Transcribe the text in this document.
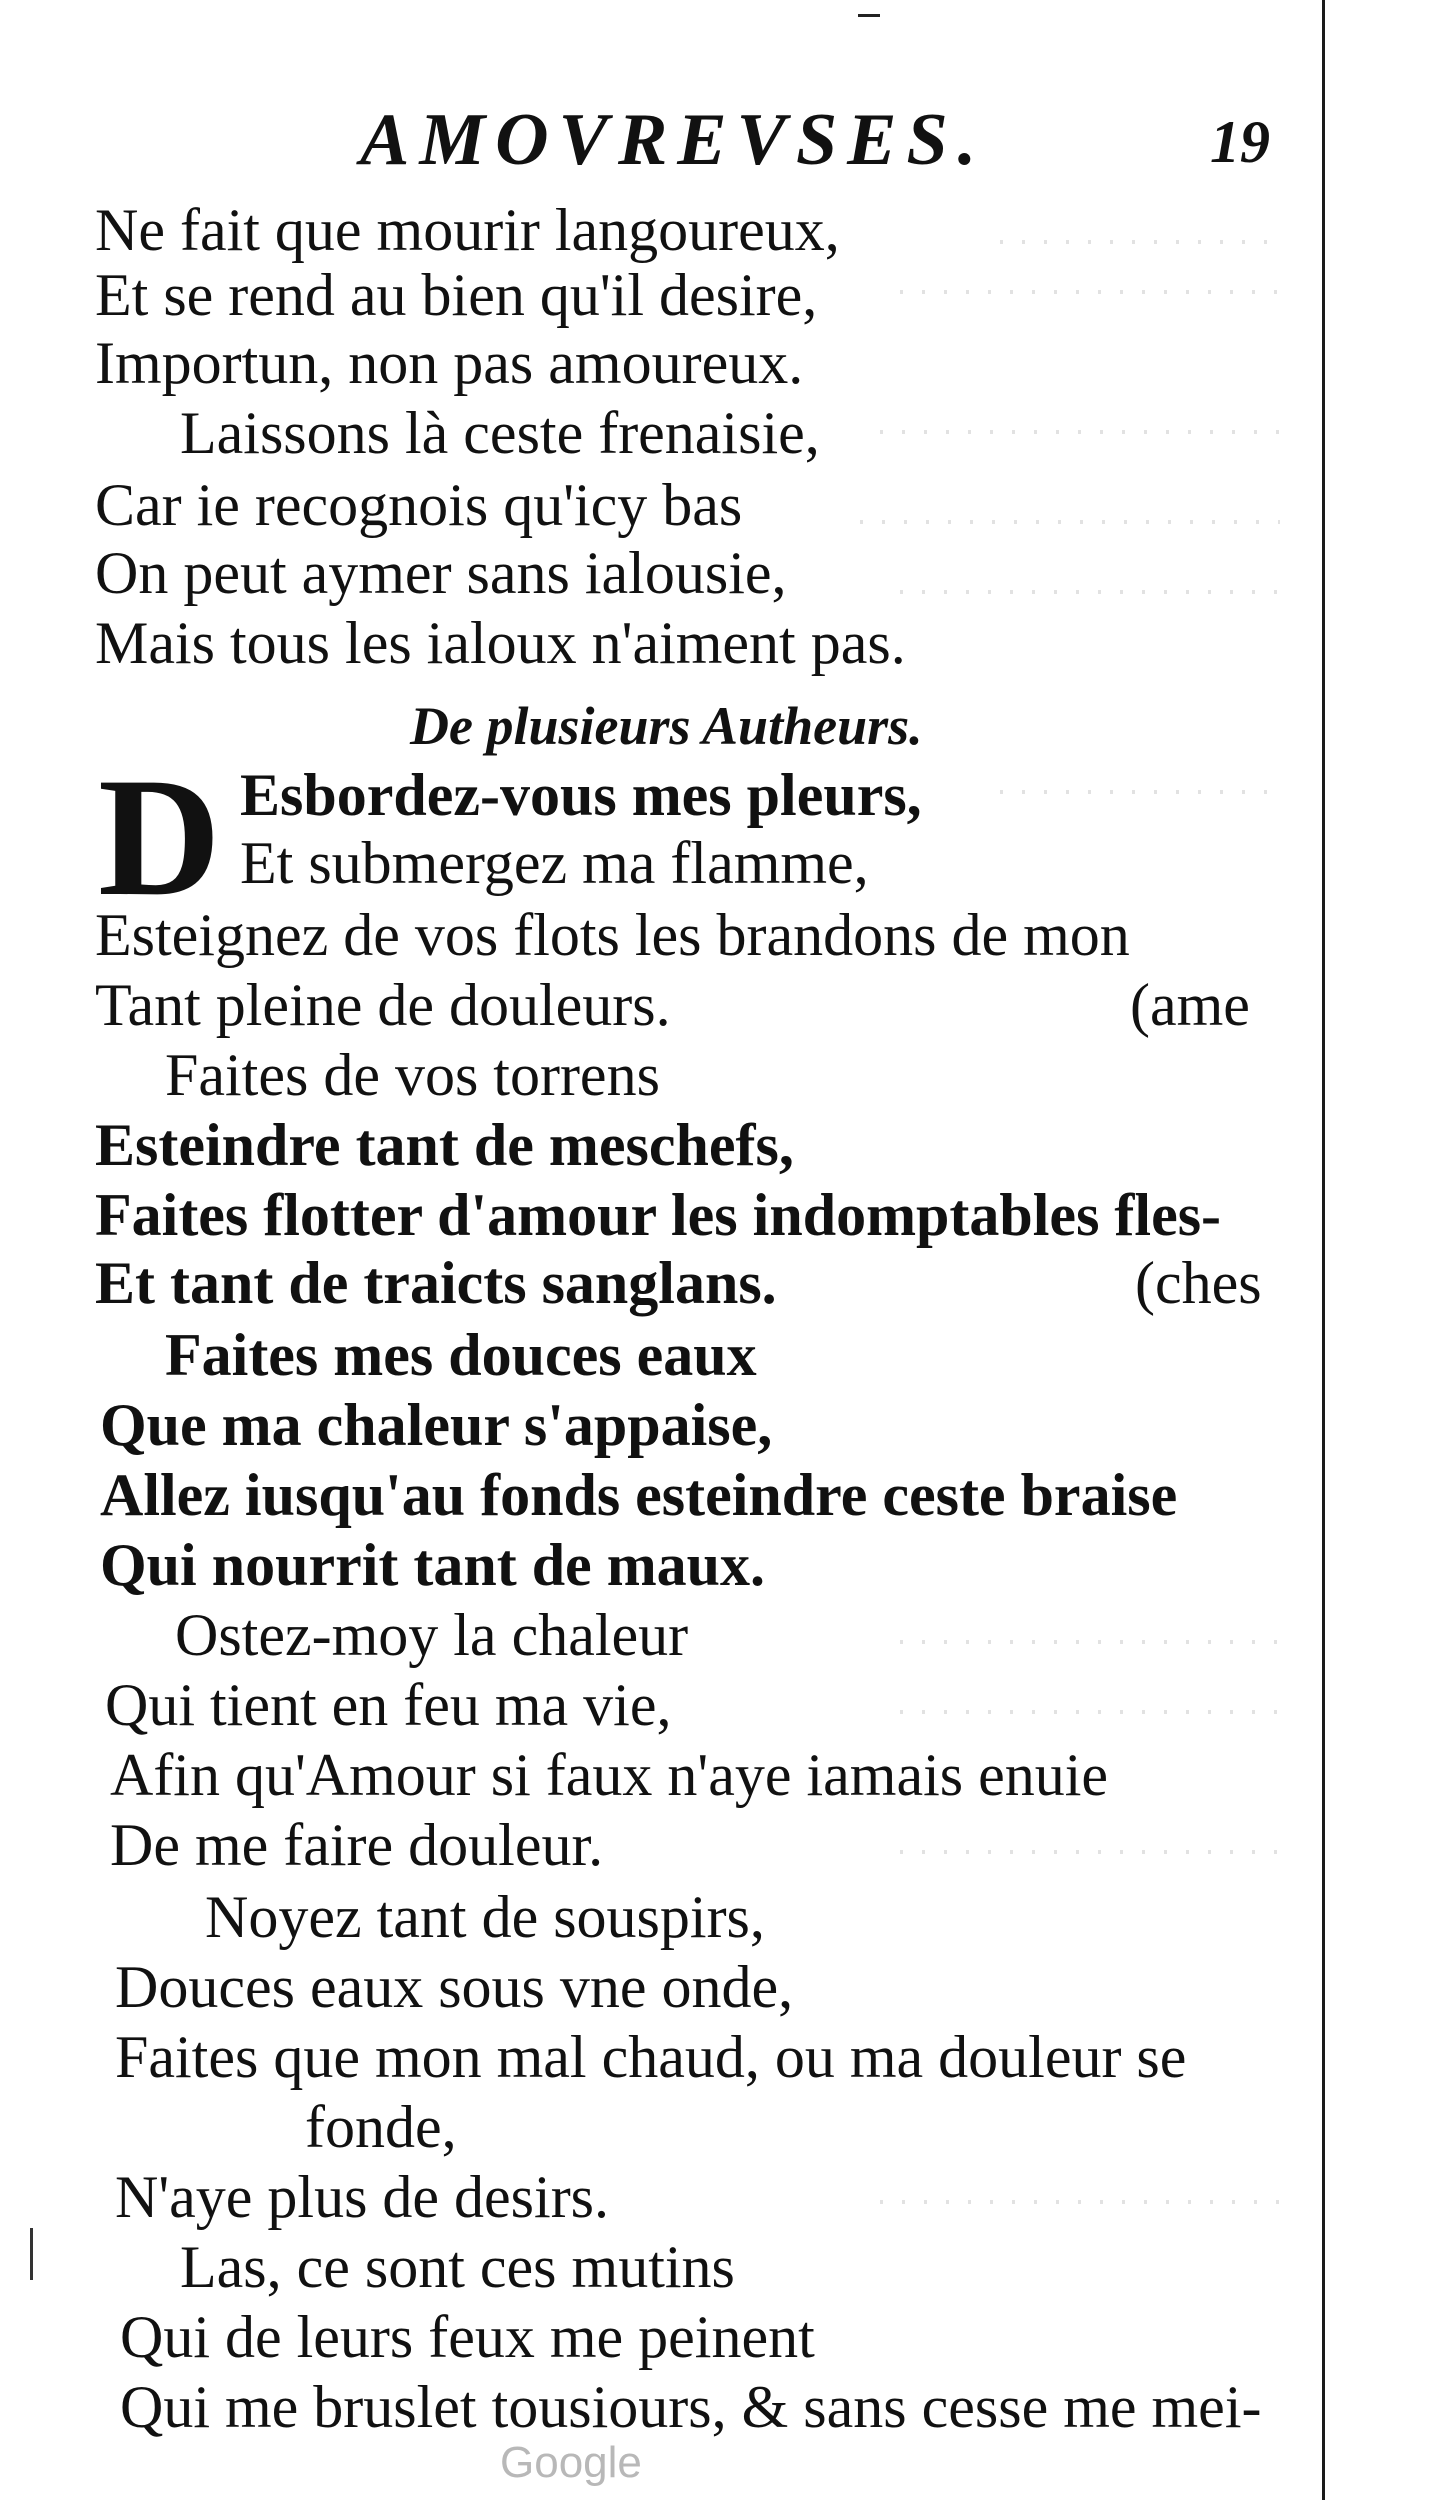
AMOVREVSES.	19
Ne fait que mourir langoureux,
Et se rend au bien qu'il desire,
Importun, non pas amoureux.
Laissons là ceste frenaisie,
Car ie recognois qu'icy bas
On peut aymer sans ialousie,
Mais tous les ialoux n'aiment pas.
De plusieurs Autheurs.
D Esbordez-vous mes pleurs,
Et submergez ma flamme,
Esteignez de vos flots les brandons de mon
Tant pleine de douleurs.	(ame
Faites de vos torrens
Esteindre tant de meschefs,
Faites flotter d'amour les indomptables fles-
Et tant de traicts sanglans.	(ches
Faites mes douces eaux
Que ma chaleur s'appaise,
Allez iusqu'au fonds esteindre ceste braise
Qui nourrit tant de maux.
Ostez-moy la chaleur
Qui tient en feu ma vie,
Afin qu'Amour si faux n'aye iamais enuie
De me faire douleur.
Noyez tant de souspirs,
Douces eaux sous vne onde,
Faites que mon mal chaud, ou ma douleur se
fonde,
N'aye plus de desirs.
Las, ce sont ces mutins
Qui de leurs feux me peinent
Qui me bruslet tousiours, & sans cesse me mei-
Google
